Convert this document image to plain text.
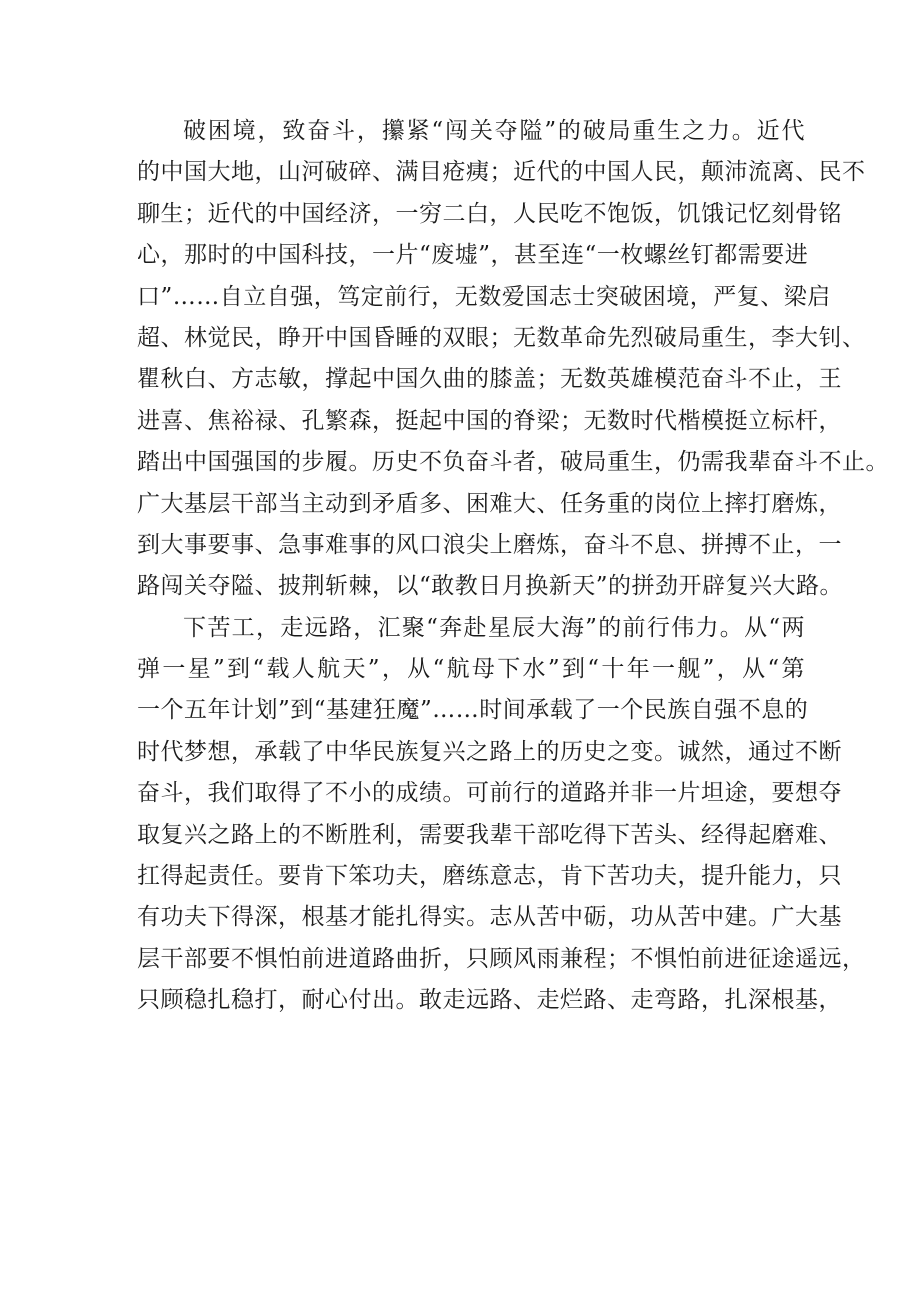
破困境，致奋斗，攥紧“闯关夺隘”的破局重生之力。近代
的中国大地，山河破碎、满目疮痍；近代的中国人民，颠沛流离、民不
聊生；近代的中国经济，一穷二白，人民吃不饱饭，饥饿记忆刻骨铭
心，那时的中国科技，一片“废墟”，甚至连“一枚螺丝钉都需要进
口”……自立自强，笃定前行，无数爱国志士突破困境，严复、梁启
超、林觉民，睁开中国昏睡的双眼；无数革命先烈破局重生，李大钊、
瞿秋白、方志敏，撑起中国久曲的膝盖；无数英雄模范奋斗不止，王
进喜、焦裕禄、孔繁森，挺起中国的脊梁；无数时代楷模挺立标杆，
踏出中国强国的步履。历史不负奋斗者，破局重生，仍需我辈奋斗不止。
广大基层干部当主动到矛盾多、困难大、任务重的岗位上摔打磨炼，
到大事要事、急事难事的风口浪尖上磨炼，奋斗不息、拼搏不止，一
路闯关夺隘、披荆斩棘，以“敢教日月换新天”的拼劲开辟复兴大路。
下苦工，走远路，汇聚“奔赴星辰大海”的前行伟力。从“两
弹一星”到“载人航天”，从“航母下水”到“十年一舰”，从“第
一个五年计划”到“基建狂魔”……时间承载了一个民族自强不息的
时代梦想，承载了中华民族复兴之路上的历史之变。诚然，通过不断
奋斗，我们取得了不小的成绩。可前行的道路并非一片坦途，要想夺
取复兴之路上的不断胜利，需要我辈干部吃得下苦头、经得起磨难、
扛得起责任。要肯下笨功夫，磨练意志，肯下苦功夫，提升能力，只
有功夫下得深，根基才能扎得实。志从苦中砺，功从苦中建。广大基
层干部要不惧怕前进道路曲折，只顾风雨兼程；不惧怕前进征途遥远，
只顾稳扎稳打，耐心付出。敢走远路、走烂路、走弯路，扎深根基，
